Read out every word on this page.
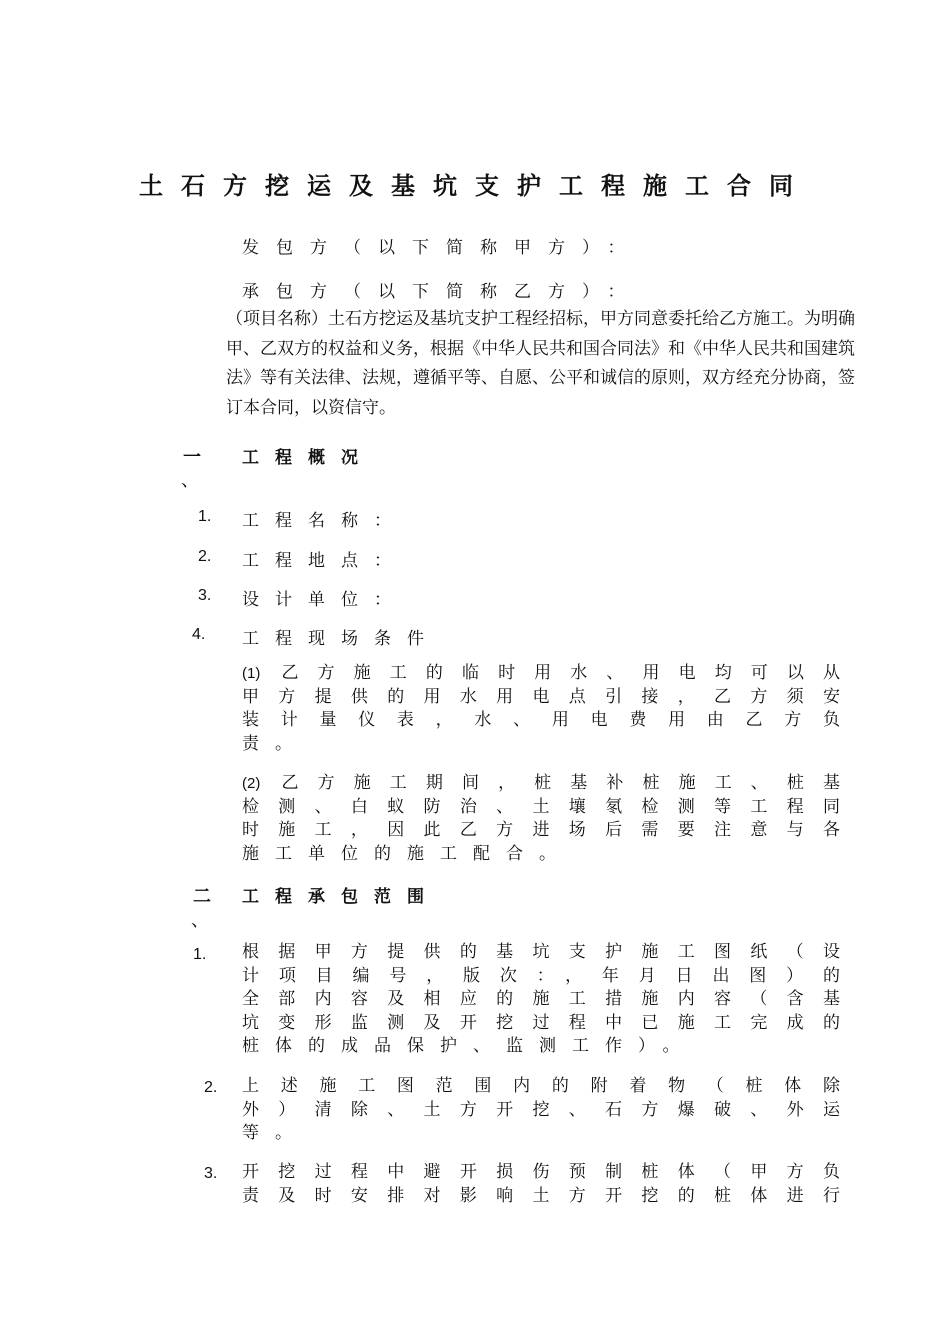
土石方挖运及基坑支护工程施工合同
发包方（以下简称甲方）：
承包方（以下简称乙方）：
（项目名称）土石方挖运及基坑支护工程经招标，甲方同意委托给乙方施工。为明确甲、乙双方的权益和义务，根据《中华人民共和国合同法》和《中华人民共和国建筑法》等有关法律、法规，遵循平等、自愿、公平和诚信的原则，双方经充分协商，签订本合同，以资信守。
一
、
工程概况
1. 工程名称：
2. 工程地点：
3. 设计单位：
4. 工程现场条件
(1) 乙方施工的临时用水、用电均可以从
甲方提供的用水用电点引接，乙方须安
装计量仪表，水、用电费用由乙方负
责。
(2) 乙方施工期间，桩基补桩施工、桩基
检测、白蚁防治、土壤氡检测等工程同
时施工，因此乙方进场后需要注意与各
施工单位的施工配合。
二
、
工程承包范围
1. 根据甲方提供的基坑支护施工图纸（设
计项目编号，版次：，年月日出图）的
全部内容及相应的施工措施内容（含基
坑变形监测及开挖过程中已施工完成的
桩体的成品保护、监测工作）。
2. 上述施工图范围内的附着物（桩体除
外）清除、土方开挖、石方爆破、外运
等。
3. 开挖过程中避开损伤预制桩体（甲方负
责及时安排对影响土方开挖的桩体进行
